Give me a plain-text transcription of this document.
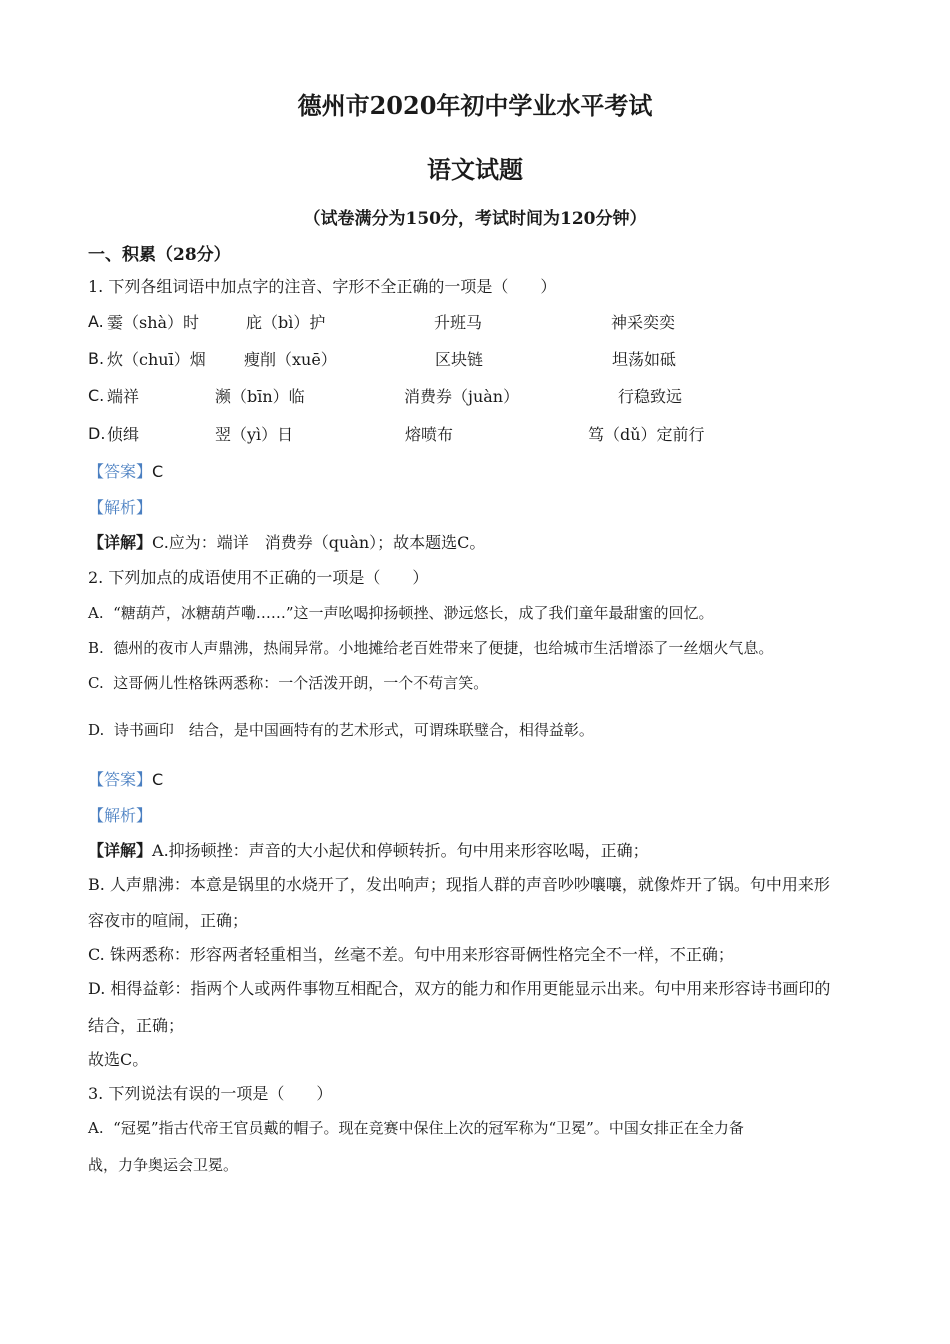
德州市2020年初中学业水平考试
语文试题
（试卷满分为150分，考试时间为120分钟）
一、积累（28分）
1. 下列各组词语中加点字的注音、字形不全正确的一项是（　　）
A. 霎（shà）时	庇（bì）护	升班马	神采奕奕
B. 炊（chuī）烟 瘦削（xuē）	区块链	坦荡如砥
C. 端祥	濒（bīn）临	消费券（juàn）	行稳致远
D. 侦缉	翌（yì）日	熔喷布	笃（dǔ）定前行
【答案】C
【解析】
【详解】C.应为：端详　消费券（quàn）；故本题选C。
2. 下列加点的成语使用不正确的一项是（　　）
A. “糖葫芦，冰糖葫芦嘞……”这一声吆喝抑扬顿挫、渺远悠长，成了我们童年最甜蜜的回忆。
B. 德州的夜市人声鼎沸，热闹异常。小地摊给老百姓带来了便捷，也给城市生活增添了一丝烟火气息。
C. 这哥俩儿性格铢两悉称：一个活泼开朗，一个不苟言笑。
D. 诗书画印　结合，是中国画特有的艺术形式，可谓珠联璧合，相得益彰。
【答案】C
【解析】
【详解】A.抑扬顿挫：声音的大小起伏和停顿转折。句中用来形容吆喝，正确；
B. 人声鼎沸：本意是锅里的水烧开了，发出响声；现指人群的声音吵吵嚷嚷，就像炸开了锅。句中用来形
容夜市的喧闹，正确；
C. 铢两悉称：形容两者轻重相当，丝毫不差。句中用来形容哥俩性格完全不一样，不正确；
D. 相得益彰：指两个人或两件事物互相配合，双方的能力和作用更能显示出来。句中用来形容诗书画印的
结合，正确；
故选C。
3. 下列说法有误的一项是（　　）
A. “冠冕”指古代帝王官员戴的帽子。现在竞赛中保住上次的冠军称为“卫冕”。中国女排正在全力备
战，力争奥运会卫冕。
